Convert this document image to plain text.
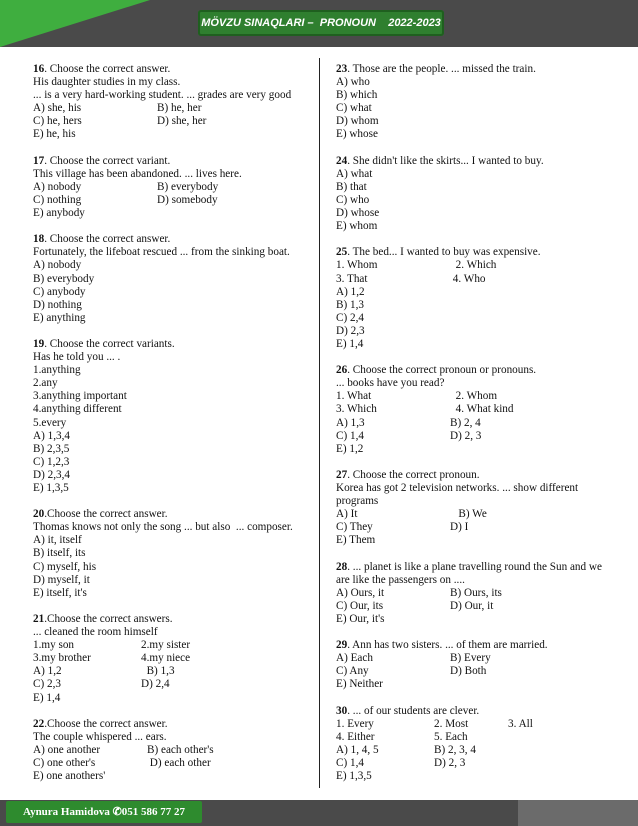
MÖVZU SINAQLARI –  PRONOUN    2022-2023
16. Choose the correct answer.
His daughter studies in my class.
... is a very hard-working student. ... grades are very good
A) she, his	B) he, her
C) he, hers	D) she, her
E) he, his
17. Choose the correct variant.
This village has been abandoned. ... lives here.
A) nobody	B) everybody
C) nothing	D) somebody
E) anybody
18. Choose the correct answer.
Fortunately, the lifeboat rescued ... from the sinking boat.
A) nobody
B) everybody
C) anybody
D) nothing
E) anything
19. Choose the correct variants.
Has he told you ... .
1.anything
2.any
3.anything important
4.anything different
5.every
A) 1,3,4
B) 2,3,5
C) 1,2,3
D) 2,3,4
E) 1,3,5
20.Choose the correct answer.
Thomas knows not only the song ... but also  ... composer.
A) it, itself
B) itself, its
C) myself, his
D) myself, it
E) itself, it's
21.Choose the correct answers.
... cleaned the room himself
1.my son	2.my sister
3.my brother	4.my niece
A) 1,2	B) 1,3
C) 2,3	D) 2,4
E) 1,4
22.Choose the correct answer.
The couple whispered ... ears.
A) one another	B) each other's
C) one other's	D) each other
E) one anothers'
23. Those are the people. ... missed the train.
A) who
B) which
C) what
D) whom
E) whose
24. She didn't like the skirts... I wanted to buy.
A) what
B) that
C) who
D) whose
E) whom
25. The bed... I wanted to buy was expensive.
1. Whom	2. Which
3. That	4. Who
A) 1,2
B) 1,3
C) 2,4
D) 2,3
E) 1,4
26. Choose the correct pronoun or pronouns.
... books have you read?
1. What	2. Whom
3. Which	4. What kind
A) 1,3	B) 2, 4
C) 1,4	D) 2, 3
E) 1,2
27. Choose the correct pronoun.
Korea has got 2 television networks. ... show different programs
A) It	B) We
C) They	D) I
E) Them
28. ... planet is like a plane travelling round the Sun and we are like the passengers on ....
A) Ours, it	B) Ours, its
C) Our, its	D) Our, it
E) Our, it's
29. Ann has two sisters. ... of them are married.
A) Each	B) Every
C) Any	D) Both
E) Neither
30. ... of our students are clever.
1. Every	2. Most	3. All
4. Either	5. Each
A) 1, 4, 5	B) 2, 3, 4
C) 1,4	D) 2, 3
E) 1,3,5
Aynura Hamidova ✆051 586 77 27
